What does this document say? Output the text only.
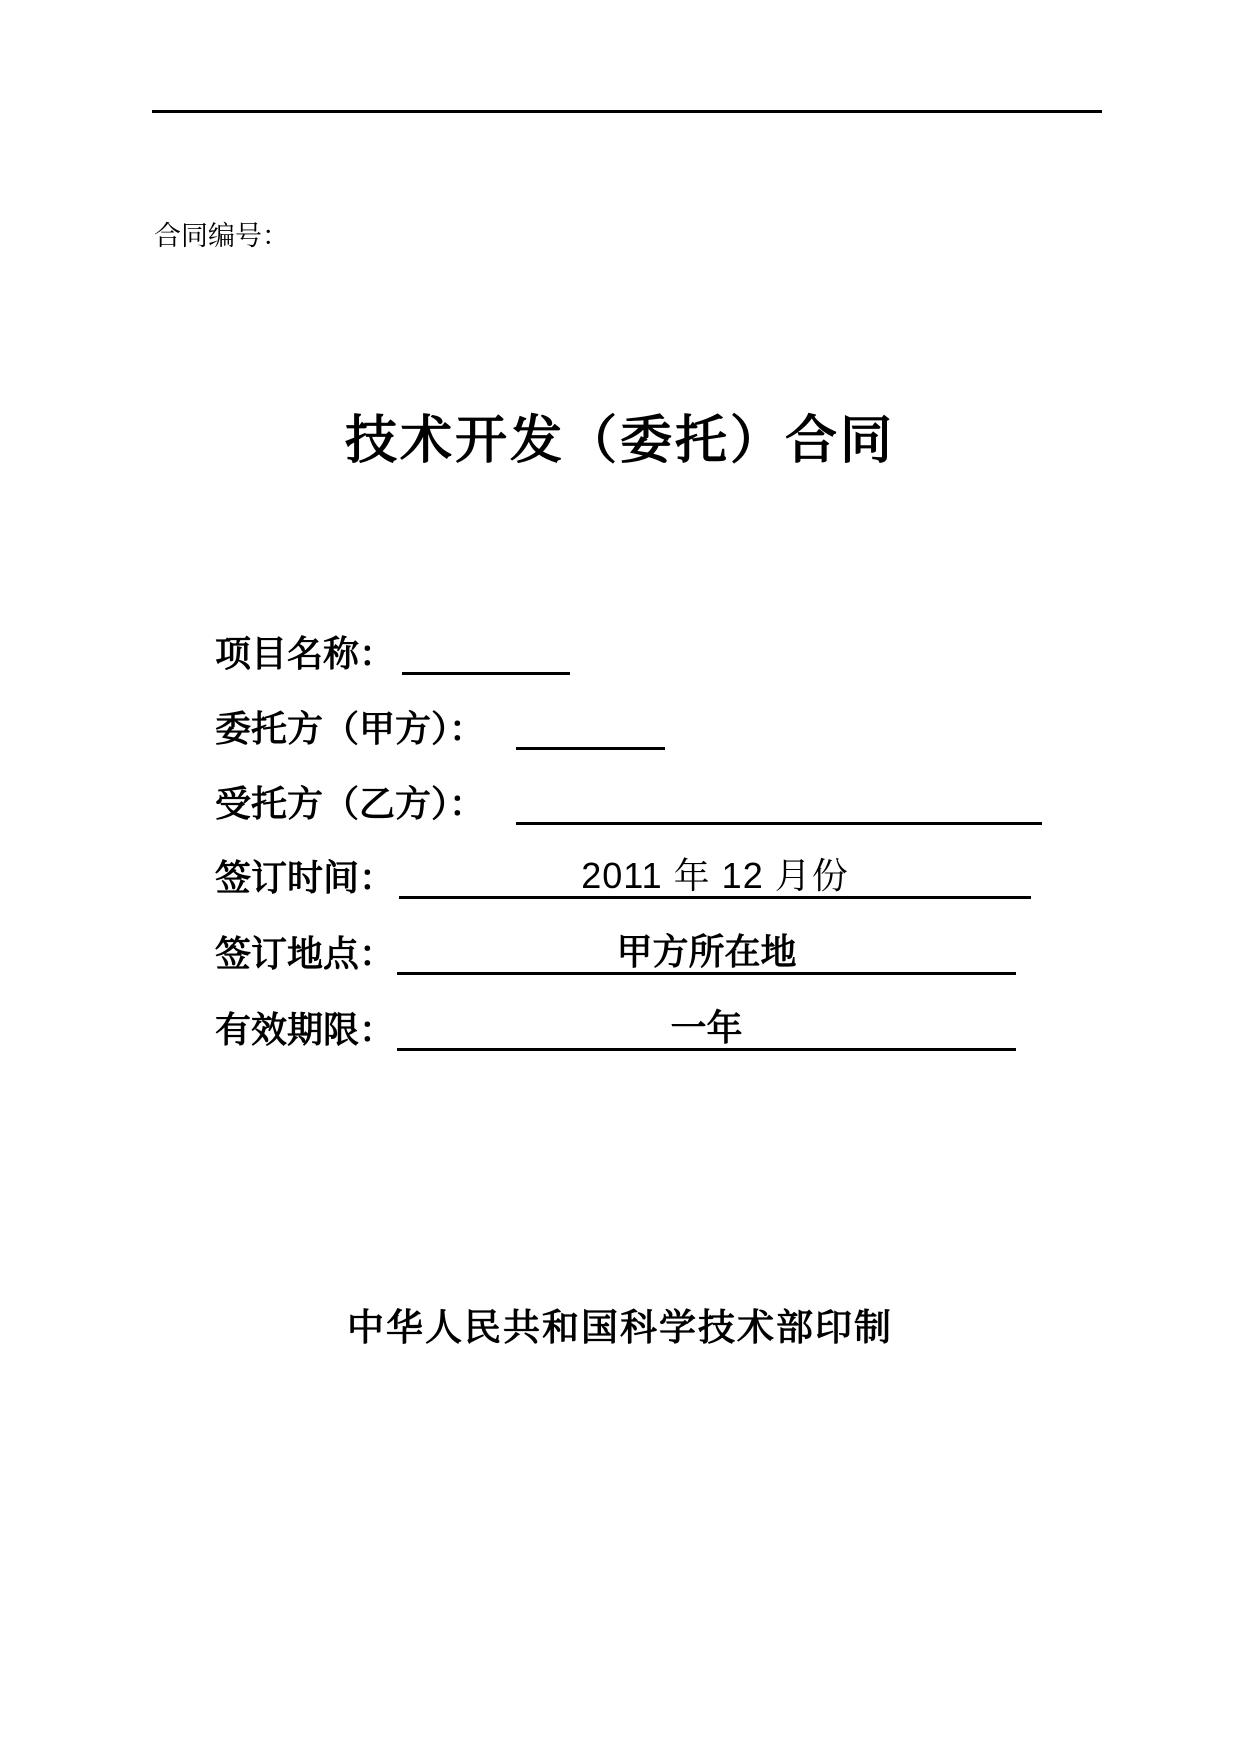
合同编号：
技术开发（委托）合同
项目名称：
委托方（甲方）：
受托方（乙方）：
签订时间：	2011 年 12 月份
签订地点：	甲方所在地
有效期限：	一年
中华人民共和国科学技术部印制
